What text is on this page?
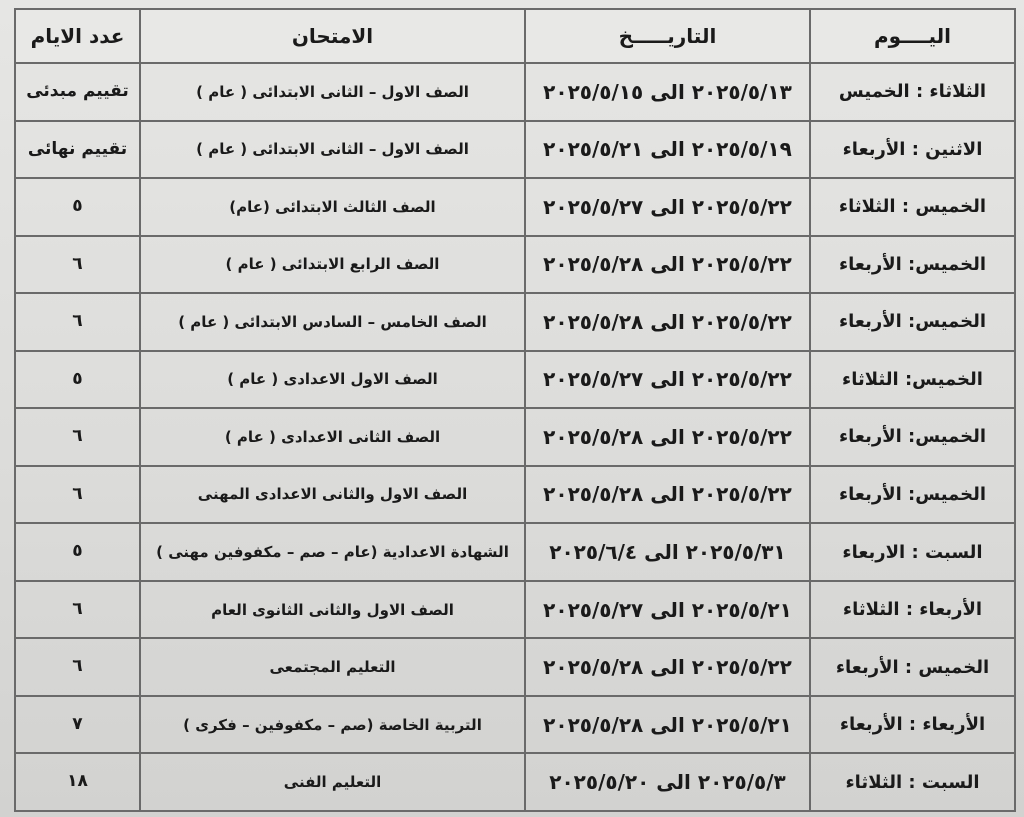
اليــــوم	التاريـــــخ	الامتحان	عدد الايام
الثلاثاء : الخميس	٢٠٢٥/٥/١٣ الى ٢٠٢٥/٥/١٥	الصف الاول – الثانى الابتدائى ( عام )	تقييم مبدئى
الاثنين : الأربعاء	٢٠٢٥/٥/١٩ الى ٢٠٢٥/٥/٢١	الصف الاول – الثانى الابتدائى ( عام )	تقييم نهائى
الخميس : الثلاثاء	٢٠٢٥/٥/٢٢ الى ٢٠٢٥/٥/٢٧	الصف الثالث الابتدائى (عام)	٥
الخميس: الأربعاء	٢٠٢٥/٥/٢٢ الى ٢٠٢٥/٥/٢٨	الصف الرابع الابتدائى ( عام )	٦
الخميس: الأربعاء	٢٠٢٥/٥/٢٢ الى ٢٠٢٥/٥/٢٨	الصف الخامس – السادس الابتدائى ( عام )	٦
الخميس: الثلاثاء	٢٠٢٥/٥/٢٢ الى ٢٠٢٥/٥/٢٧	الصف الاول الاعدادى ( عام )	٥
الخميس: الأربعاء	٢٠٢٥/٥/٢٢ الى ٢٠٢٥/٥/٢٨	الصف الثانى الاعدادى ( عام )	٦
الخميس: الأربعاء	٢٠٢٥/٥/٢٢ الى ٢٠٢٥/٥/٢٨	الصف الاول والثانى الاعدادى المهنى	٦
السبت : الاربعاء	٢٠٢٥/٥/٣١ الى ٢٠٢٥/٦/٤	الشهادة الاعدادية (عام – صم – مكفوفين مهنى )	٥
الأربعاء : الثلاثاء	٢٠٢٥/٥/٢١ الى ٢٠٢٥/٥/٢٧	الصف الاول والثانى الثانوى العام	٦
الخميس : الأربعاء	٢٠٢٥/٥/٢٢ الى ٢٠٢٥/٥/٢٨	التعليم المجتمعى	٦
الأربعاء : الأربعاء	٢٠٢٥/٥/٢١ الى ٢٠٢٥/٥/٢٨	التربية الخاصة (صم – مكفوفين – فكرى )	٧
السبت : الثلاثاء	٢٠٢٥/٥/٣ الى ٢٠٢٥/٥/٢٠	التعليم الفنى	١٨
